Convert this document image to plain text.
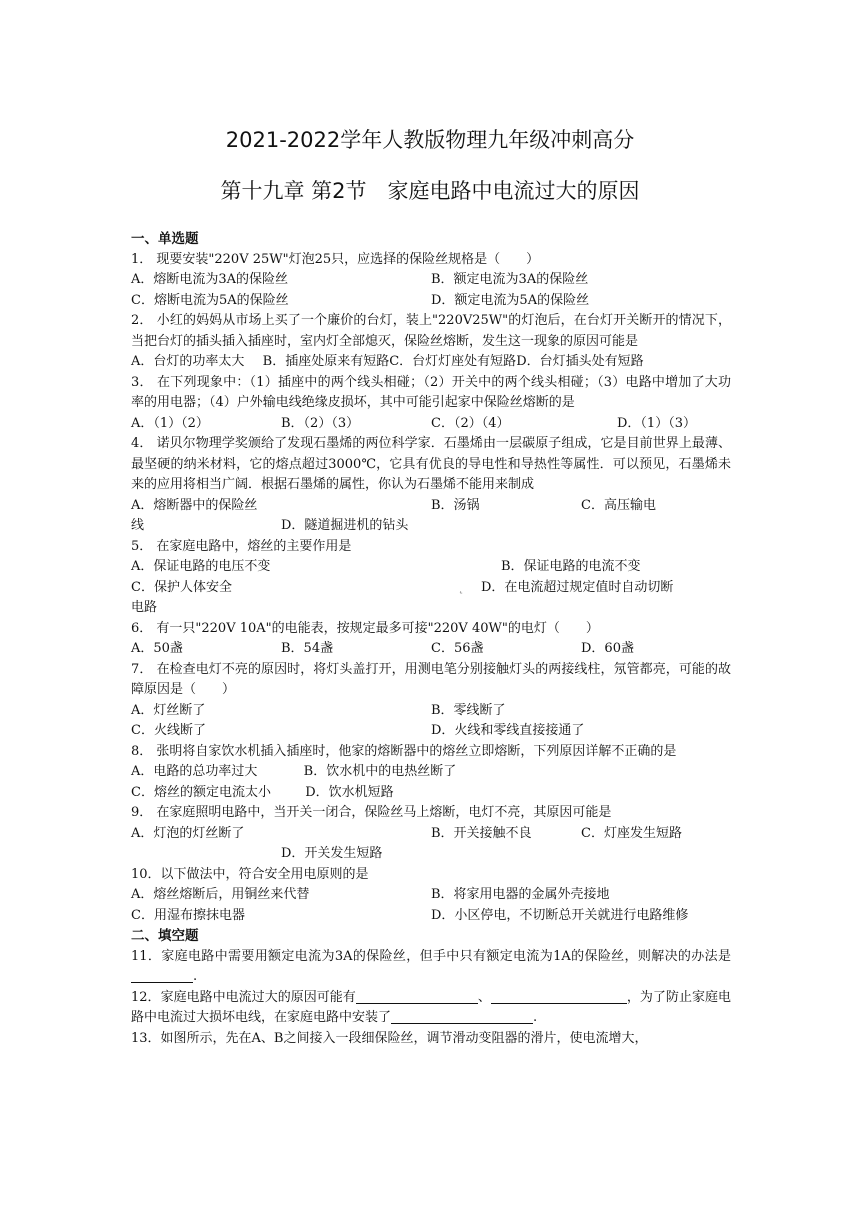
2021-2022学年人教版物理九年级冲刺高分
第十九章 第2节　家庭电路中电流过大的原因
一、单选题
1． 现要安装"220V 25W"灯泡25只，应选择的保险丝规格是（　　）
A．熔断电流为3A的保险丝	B．额定电流为3A的保险丝
C．熔断电流为5A的保险丝	D．额定电流为5A的保险丝
2． 小红的妈妈从市场上买了一个廉价的台灯，装上"220V25W"的灯泡后，在台灯开关断开的情况下，当把台灯的插头插入插座时，室内灯全部熄灭，保险丝熔断，发生这一现象的原因可能是
A．台灯的功率太大 B．插座处原来有短路C．台灯灯座处有短路D．台灯插头处有短路
3． 在下列现象中：（1）插座中的两个线头相碰；（2）开关中的两个线头相碰；（3）电路中增加了大功率的用电器；（4）户外输电线绝缘皮损坏，其中可能引起家中保险丝熔断的是
A．（1）（2）	B．（2）（3）	C．（2）（4）	D．（1）（3）
4． 诺贝尔物理学奖颁给了发现石墨烯的两位科学家．石墨烯由一层碳原子组成，它是目前世界上最薄、最坚硬的纳米材料，它的熔点超过3000℃，它具有优良的导电性和导热性等属性．可以预见，石墨烯未来的应用将相当广阔．根据石墨烯的属性，你认为石墨烯不能用来制成
A．熔断器中的保险丝	B．汤锅	C．高压输电
线	D．隧道掘进机的钻头
5． 在家庭电路中，熔丝的主要作用是
A．保证电路的电压不变	B．保证电路的电流不变
C．保护人体安全	˛	D．在电流超过规定值时自动切断
电路
6． 有一只"220V 10A"的电能表，按规定最多可接"220V 40W"的电灯（　　）
A．50盏	B．54盏	C．56盏	D．60盏
7． 在检查电灯不亮的原因时，将灯头盖打开，用测电笔分别接触灯头的两接线柱，氖管都亮，可能的故障原因是（　　）
A．灯丝断了	B．零线断了
C．火线断了	D．火线和零线直接接通了
8． 张明将自家饮水机插入插座时，他家的熔断器中的熔丝立即熔断，下列原因详解不正确的是
A．电路的总功率过大	B．饮水机中的电热丝断了
C．熔丝的额定电流太小	D．饮水机短路
9． 在家庭照明电路中，当开关一闭合，保险丝马上熔断，电灯不亮，其原因可能是
A．灯泡的灯丝断了	B．开关接触不良	C．灯座发生短路
D．开关发生短路
10．以下做法中，符合安全用电原则的是
A．熔丝熔断后，用铜丝来代替	B．将家用电器的金属外壳接地
C．用湿布擦抹电器	D．小区停电，不切断总开关就进行电路维修
二、填空题
11．家庭电路中需要用额定电流为3A的保险丝，但手中只有额定电流为1A的保险丝，则解决的办法是.
12．家庭电路中电流过大的原因可能有	、	，为了防止家庭电路中电流过大损坏电线，在家庭电路中安装了	.
13．如图所示，先在A、B之间接入一段细保险丝，调节滑动变阻器的滑片，使电流增大，
